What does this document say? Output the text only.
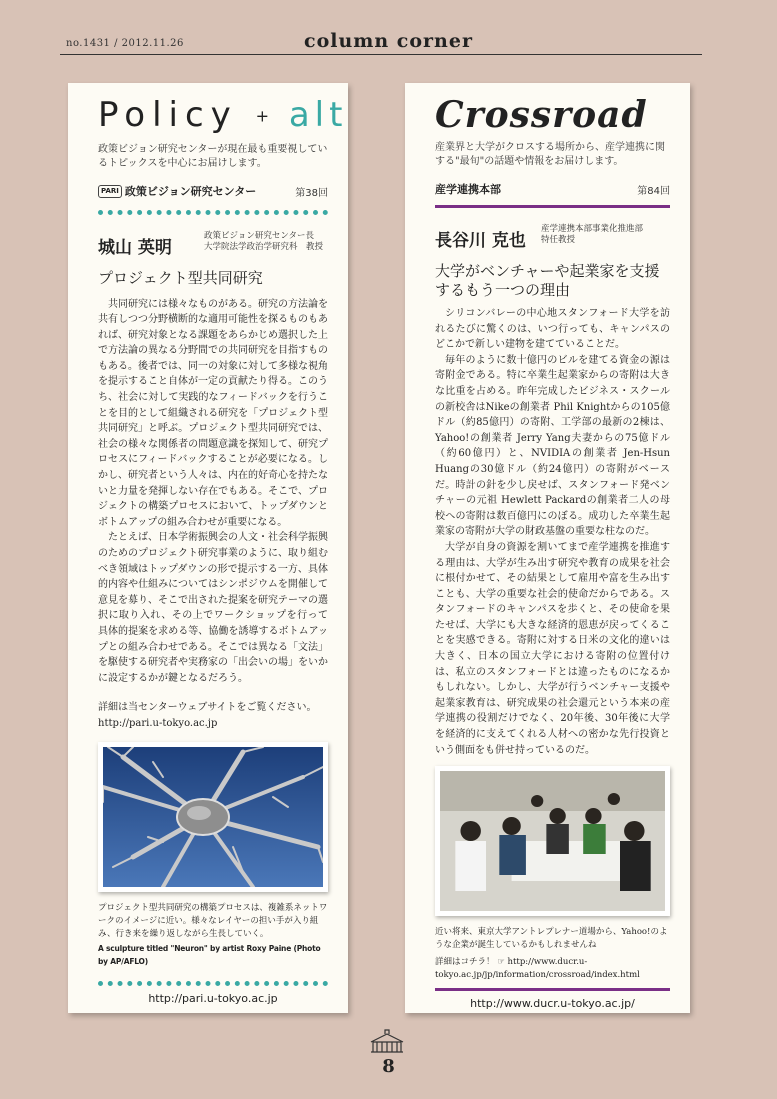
no.1431 / 2012.11.26	column corner
Policy + alt
政策ビジョン研究センターが現在最も重要視しているトピックスを中心にお届けします。
PARI 政策ビジョン研究センター	第38回
城山 英明
政策ビジョン研究センター長
大学院法学政治学研究科　教授
プロジェクト型共同研究

共同研究には様々なものがある。研究の方法論を共有しつつ分野横断的な適用可能性を探るものもあれば、研究対象となる課題をあらかじめ選択した上で方法論の異なる分野間での共同研究を目指すものもある。後者では、同一の対象に対して多様な視角を提示すること自体が一定の貢献たり得る。このうち、社会に対して実践的なフィードバックを行うことを目的として組織される研究を「プロジェクト型共同研究」と呼ぶ。プロジェクト型共同研究では、社会の様々な関係者の問題意識を探知して、研究プロセスにフィードバックすることが必要になる。しかし、研究者という人々は、内在的好奇心を持たないと力量を発揮しない存在でもある。そこで、プロジェクトの構築プロセスにおいて、トップダウンとボトムアップの組み合わせが重要になる。

たとえば、日本学術振興会の人文・社会科学振興のためのプロジェクト研究事業のように、取り組むべき領域はトップダウンの形で提示する一方、具体的内容や仕組みについてはシンポジウムを開催して意見を募り、そこで出された提案を研究テーマの選択に取り入れ、その上でワークショップを行って具体的提案を求める等、協働を誘導するボトムアップとの組み合わせである。そこでは異なる「文法」を駆使する研究者や実務家の「出会いの場」をいかに設定するかが鍵となるだろう。

詳細は当センターウェブサイトをご覧ください。
http://pari.u-tokyo.ac.jp
プロジェクト型共同研究の構築プロセスは、複雑系ネットワークのイメージに近い。様々なレイヤーの担い手が入り組み、行き来を繰り返しながら生長していく。
A sculpture titled "Neuron" by artist Roxy Paine (Photo by AP/AFLO)
http://pari.u-tokyo.ac.jp
Crossroad
産業界と大学がクロスする場所から、産学連携に関する"最旬"の話題や情報をお届けします。
産学連携本部	第84回
長谷川 克也
産学連携本部事業化推進部
特任教授
大学がベンチャーや起業家を支援するもう一つの理由

シリコンバレーの中心地スタンフォード大学を訪れるたびに驚くのは、いつ行っても、キャンパスのどこかで新しい建物を建てていることだ。

毎年のように数十億円のビルを建てる資金の源は寄附金である。特に卒業生起業家からの寄附は大きな比重を占める。昨年完成したビジネス・スクールの新校舎はNikeの創業者 Phil Knightからの105億ドル（約85億円）の寄附、工学部の最新の2棟は、Yahoo!の創業者 Jerry Yang夫妻からの75億ドル（約60億円）と、NVIDIAの創業者 Jen-Hsun Huangの30億ドル（約24億円）の寄附がベースだ。時計の針を少し戻せば、スタンフォード発ベンチャーの元祖 Hewlett Packardの創業者二人の母校への寄附は数百億円にのぼる。成功した卒業生起業家の寄附が大学の財政基盤の重要な柱なのだ。

大学が自身の資源を割いてまで産学連携を推進する理由は、大学が生み出す研究や教育の成果を社会に根付かせて、その結果として雇用や富を生み出すことも、大学の重要な社会的使命だからである。スタンフォードのキャンパスを歩くと、その使命を果たせば、大学にも大きな経済的恩恵が戻ってくることを実感できる。寄附に対する日米の文化的違いは大きく、日本の国立大学における寄附の位置付けは、私立のスタンフォードとは違ったものになるかもしれない。しかし、大学が行うベンチャー支援や起業家教育は、研究成果の社会還元という本来の産学連携の役割だけでなく、20年後、30年後に大学を経済的に支えてくれる人材への密かな先行投資という側面をも併せ持っているのだ。

近い将来、東京大学アントレプレナー道場から、Yahoo!のような企業が誕生しているかもしれませんね
詳細はコチラ！ ☞ http://www.ducr.u-tokyo.ac.jp/jp/information/crossroad/index.html
http://www.ducr.u-tokyo.ac.jp/
8
